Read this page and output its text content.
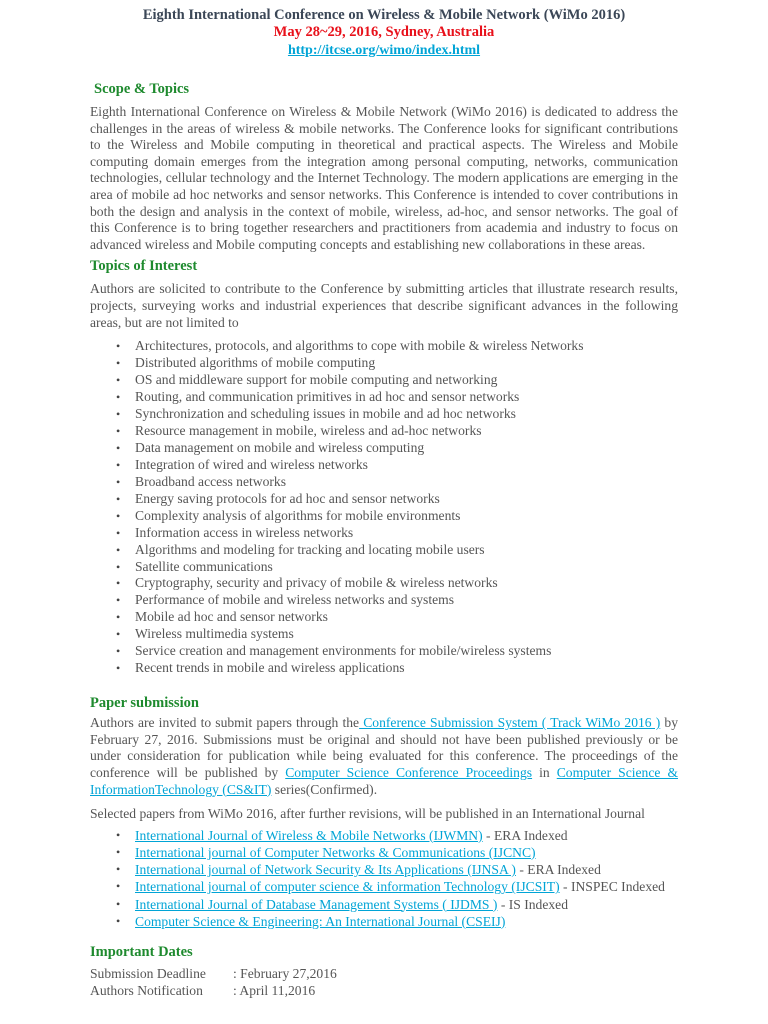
Eighth International Conference on Wireless & Mobile Network (WiMo 2016)
May 28~29, 2016, Sydney, Australia
http://itcse.org/wimo/index.html
Scope & Topics

Eighth International Conference on Wireless & Mobile Network (WiMo 2016) is dedicated to address the challenges in the areas of wireless & mobile networks. The Conference looks for significant contributions to the Wireless and Mobile computing in theoretical and practical aspects. The Wireless and Mobile computing domain emerges from the integration among personal computing, networks, communication technologies, cellular technology and the Internet Technology. The modern applications are emerging in the area of mobile ad hoc networks and sensor networks. This Conference is intended to cover contributions in both the design and analysis in the context of mobile, wireless, ad-hoc, and sensor networks. The goal of this Conference is to bring together researchers and practitioners from academia and industry to focus on advanced wireless and Mobile computing concepts and establishing new collaborations in these areas.

Topics of Interest

Authors are solicited to contribute to the Conference by submitting articles that illustrate research results, projects, surveying works and industrial experiences that describe significant advances in the following areas, but are not limited to

• Architectures, protocols, and algorithms to cope with mobile & wireless Networks
• Distributed algorithms of mobile computing
• OS and middleware support for mobile computing and networking
• Routing, and communication primitives in ad hoc and sensor networks
• Synchronization and scheduling issues in mobile and ad hoc networks
• Resource management in mobile, wireless and ad-hoc networks
• Data management on mobile and wireless computing
• Integration of wired and wireless networks
• Broadband access networks
• Energy saving protocols for ad hoc and sensor networks
• Complexity analysis of algorithms for mobile environments
• Information access in wireless networks
• Algorithms and modeling for tracking and locating mobile users
• Satellite communications
• Cryptography, security and privacy of mobile & wireless networks
• Performance of mobile and wireless networks and systems
• Mobile ad hoc and sensor networks
• Wireless multimedia systems
• Service creation and management environments for mobile/wireless systems
• Recent trends in mobile and wireless applications
Paper submission

Authors are invited to submit papers through the Conference Submission System ( Track WiMo 2016 ) by February 27, 2016. Submissions must be original and should not have been published previously or be under consideration for publication while being evaluated for this conference. The proceedings of the conference will be published by Computer Science Conference Proceedings in Computer Science & InformationTechnology (CS&IT) series(Confirmed).

Selected papers from WiMo 2016, after further revisions, will be published in an International Journal

• International Journal of Wireless & Mobile Networks (IJWMN) - ERA Indexed
• International journal of Computer Networks & Communications (IJCNC)
• International journal of Network Security & Its Applications (IJNSA ) - ERA Indexed
• International journal of computer science & information Technology (IJCSIT) - INSPEC Indexed
• International Journal of Database Management Systems ( IJDMS ) - IS Indexed
• Computer Science & Engineering: An International Journal (CSEIJ)
Important Dates
Submission Deadline	: February 27,2016
Authors Notification	: April 11,2016
